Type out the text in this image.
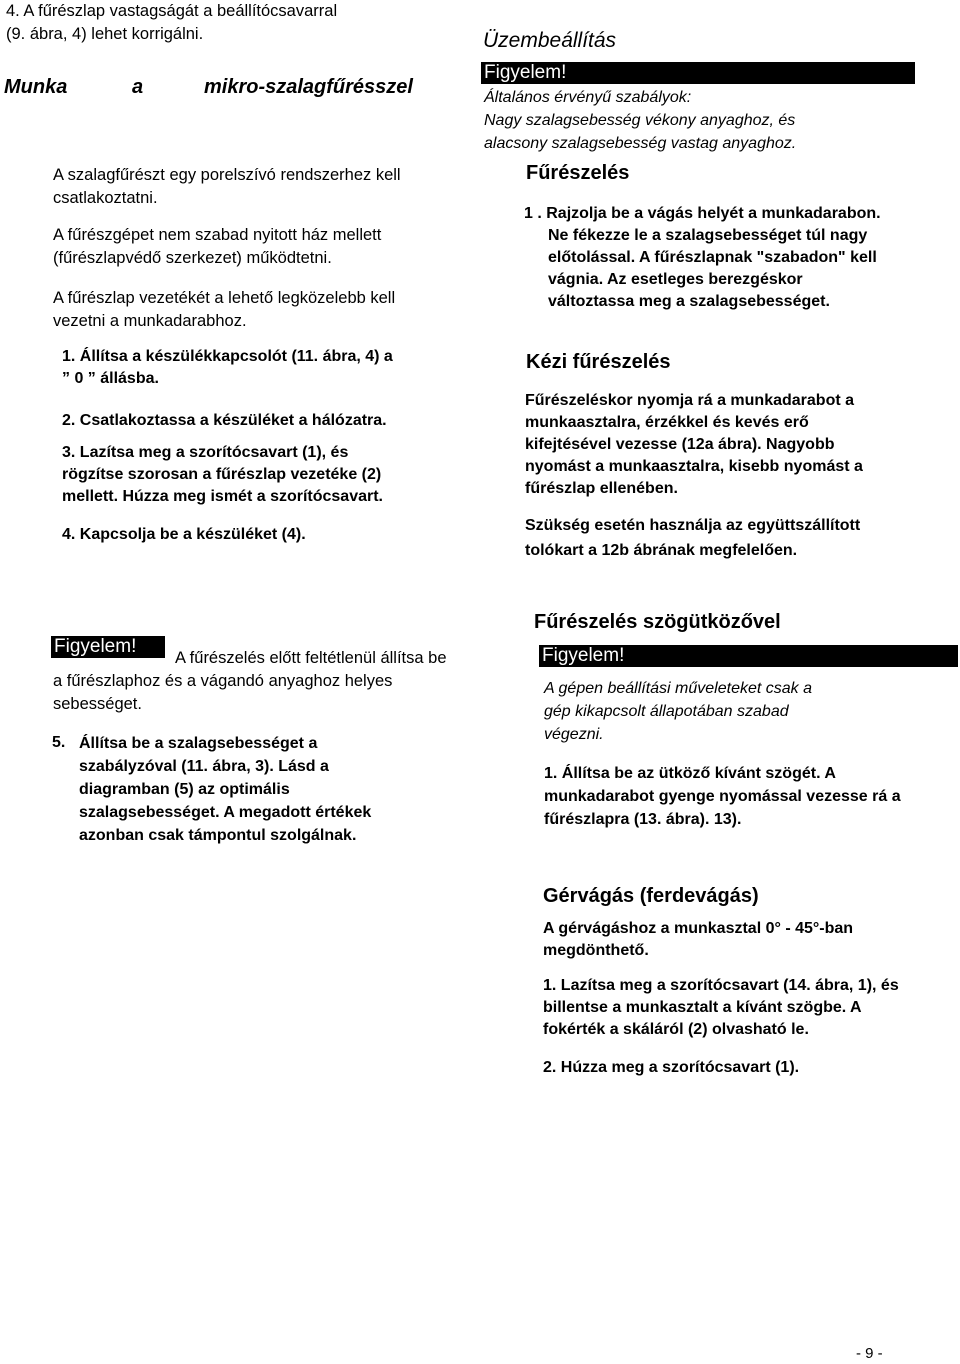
4. A fűrészlap vastagságát a beállítócsavarral
(9. ábra, 4) lehet korrigálni.
Munka	a	mikro-szalagfűrésszel
A szalagfűrészt egy porelszívó rendszerhez kell
csatlakoztatni.
A fűrészgépet nem szabad nyitott ház mellett
(fűrészlapvédő szerkezet) működtetni.
A fűrészlap vezetékét a lehető legközelebb kell
vezetni a munkadarabhoz.
1. Állítsa a készülékkapcsolót (11. ábra, 4) a
” 0 ” állásba.
2. Csatlakoztassa a készüléket a hálózatra.
3. Lazítsa meg a szorítócsavart (1), és
rögzítse szorosan a fűrészlap vezetéke (2)
mellett. Húzza meg ismét a szorítócsavart.
4. Kapcsolja be a készüléket (4).
Üzembeállítás
Figyelem!
Általános érvényű szabályok:
Nagy szalagsebesség vékony anyaghoz, és
alacsony szalagsebesség vastag anyaghoz.
Fűrészelés
1 . Rajzolja be a vágás helyét a munkadarabon.
Ne fékezze le a szalagsebességet túl nagy
előtolással. A fűrészlapnak "szabadon" kell
vágnia. Az esetleges berezgéskor
változtassa meg a szalagsebességet.
Kézi fűrészelés
Fűrészeléskor nyomja rá a munkadarabot a
munkaasztalra, érzékkel és kevés erő
kifejtésével vezesse (12a ábra). Nagyobb
nyomást a munkaasztalra, kisebb nyomást a
fűrészlap ellenében.
Szükség esetén használja az együttszállított
tolókart a 12b ábrának megfelelően.
Figyelem!
A fűrészelés előtt feltétlenül állítsa be
a fűrészlaphoz és a vágandó anyaghoz helyes
sebességet.
5. Állítsa be a szalagsebességet a
szabályzóval (11. ábra, 3). Lásd a
diagramban (5) az optimális
szalagsebességet. A megadott értékek
azonban csak támpontul szolgálnak.
Fűrészelés szögütközővel
Figyelem!
A gépen beállítási műveleteket csak a
gép kikapcsolt állapotában szabad
végezni.
1. Állítsa be az ütköző kívánt szögét. A
munkadarabot gyenge nyomással vezesse rá a
fűrészlapra (13. ábra). 13).
Gérvágás (ferdevágás)
A gérvágáshoz a munkasztal 0° - 45°-ban
megdönthető.
1. Lazítsa meg a szorítócsavart (14. ábra, 1), és
billentse a munkasztalt a kívánt szögbe. A
fokérték a skáláról (2) olvasható le.
2. Húzza meg a szorítócsavart (1).
- 9 -
